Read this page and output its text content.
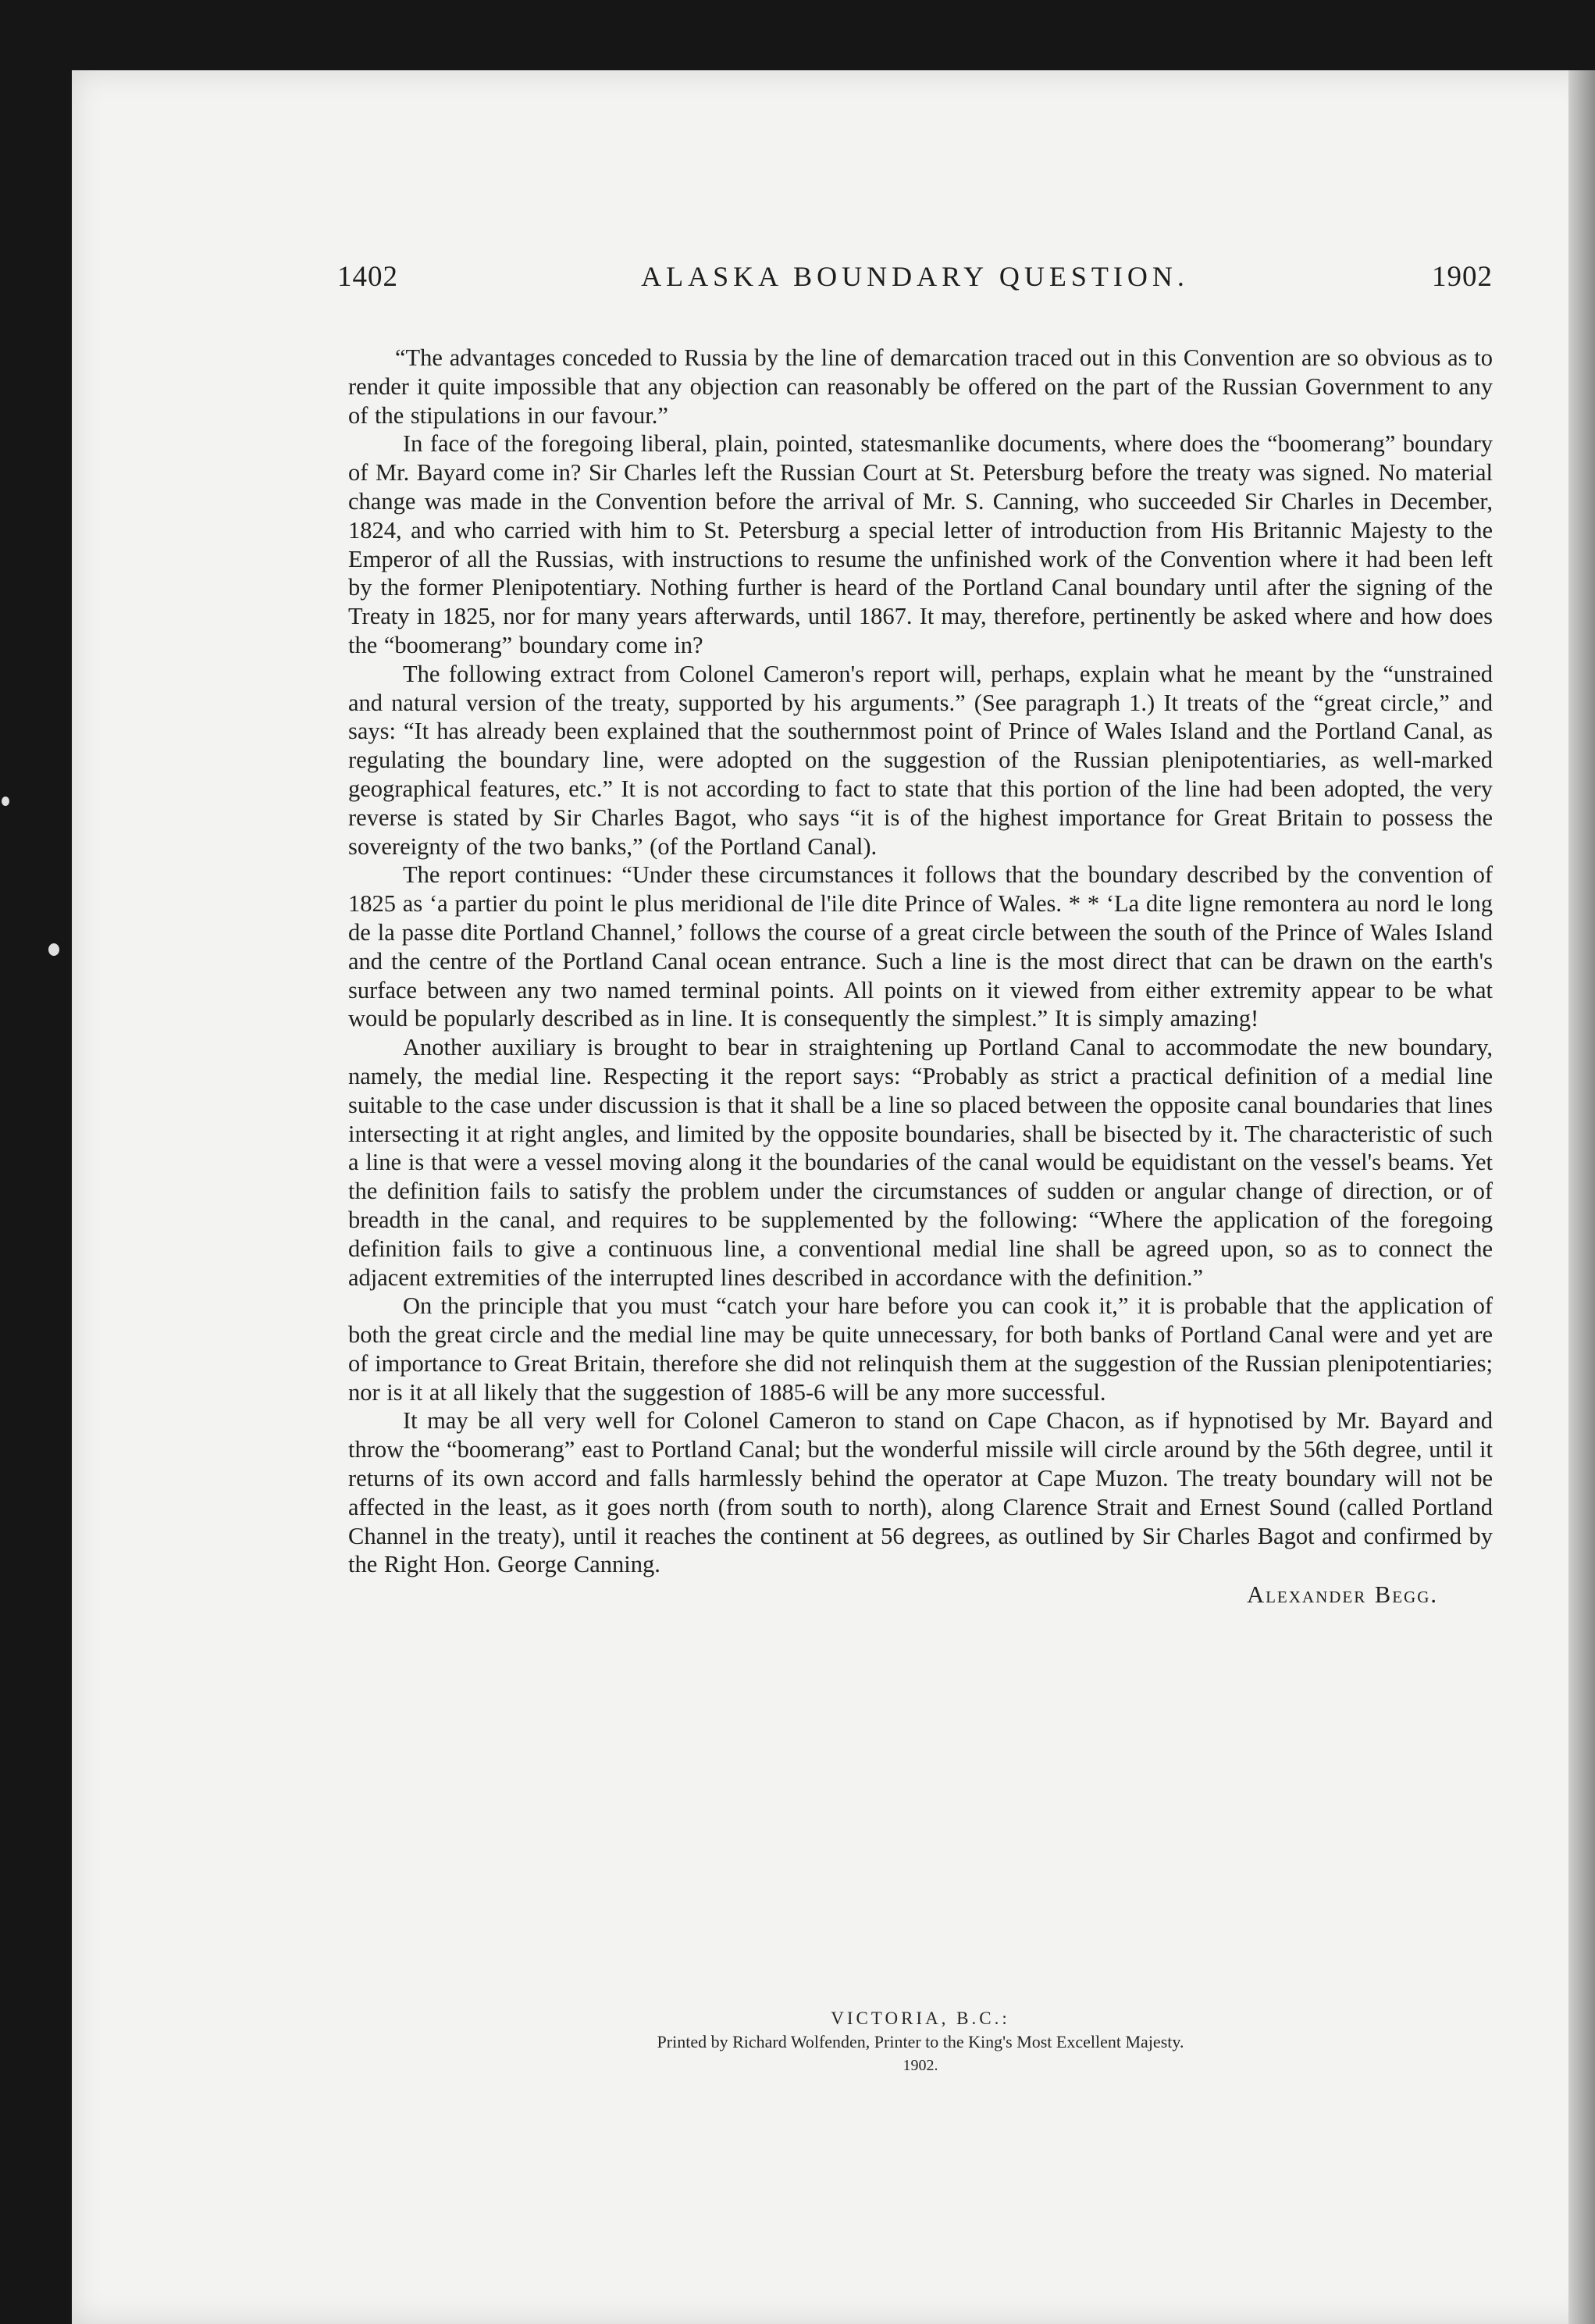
1402	ALASKA BOUNDARY QUESTION.	1902

“The advantages conceded to Russia by the line of demarcation traced out in this Convention are so obvious as to render it quite impossible that any objection can reasonably be offered on the part of the Russian Government to any of the stipulations in our favour.”

In face of the foregoing liberal, plain, pointed, statesmanlike documents, where does the “boomerang” boundary of Mr. Bayard come in? Sir Charles left the Russian Court at St. Petersburg before the treaty was signed. No material change was made in the Convention before the arrival of Mr. S. Canning, who succeeded Sir Charles in December, 1824, and who carried with him to St. Petersburg a special letter of introduction from His Britannic Majesty to the Emperor of all the Russias, with instructions to resume the unfinished work of the Convention where it had been left by the former Plenipotentiary. Nothing further is heard of the Portland Canal boundary until after the signing of the Treaty in 1825, nor for many years afterwards, until 1867. It may, therefore, pertinently be asked where and how does the “boomerang” boundary come in?

The following extract from Colonel Cameron's report will, perhaps, explain what he meant by the “unstrained and natural version of the treaty, supported by his arguments.” (See paragraph 1.) It treats of the “great circle,” and says: “It has already been explained that the southernmost point of Prince of Wales Island and the Portland Canal, as regulating the boundary line, were adopted on the suggestion of the Russian plenipotentiaries, as well-marked geographical features, etc.” It is not according to fact to state that this portion of the line had been adopted, the very reverse is stated by Sir Charles Bagot, who says “it is of the highest importance for Great Britain to possess the sovereignty of the two banks,” (of the Portland Canal).

The report continues: “Under these circumstances it follows that the boundary described by the convention of 1825 as ‘a partier du point le plus meridional de l'ile dite Prince of Wales. * * ‘La dite ligne remontera au nord le long de la passe dite Portland Channel,’ follows the course of a great circle between the south of the Prince of Wales Island and the centre of the Portland Canal ocean entrance. Such a line is the most direct that can be drawn on the earth's surface between any two named terminal points. All points on it viewed from either extremity appear to be what would be popularly described as in line. It is consequently the simplest.” It is simply amazing!

Another auxiliary is brought to bear in straightening up Portland Canal to accommodate the new boundary, namely, the medial line. Respecting it the report says: “Probably as strict a practical definition of a medial line suitable to the case under discussion is that it shall be a line so placed between the opposite canal boundaries that lines intersecting it at right angles, and limited by the opposite boundaries, shall be bisected by it. The characteristic of such a line is that were a vessel moving along it the boundaries of the canal would be equidistant on the vessel's beams. Yet the definition fails to satisfy the problem under the circumstances of sudden or angular change of direction, or of breadth in the canal, and requires to be supplemented by the following: “Where the application of the foregoing definition fails to give a continuous line, a conventional medial line shall be agreed upon, so as to connect the adjacent extremities of the interrupted lines described in accordance with the definition.”

On the principle that you must “catch your hare before you can cook it,” it is probable that the application of both the great circle and the medial line may be quite unnecessary, for both banks of Portland Canal were and yet are of importance to Great Britain, therefore she did not relinquish them at the suggestion of the Russian plenipotentiaries; nor is it at all likely that the suggestion of 1885-6 will be any more successful.

It may be all very well for Colonel Cameron to stand on Cape Chacon, as if hypnotised by Mr. Bayard and throw the “boomerang” east to Portland Canal; but the wonderful missile will circle around by the 56th degree, until it returns of its own accord and falls harmlessly behind the operator at Cape Muzon. The treaty boundary will not be affected in the least, as it goes north (from south to north), along Clarence Strait and Ernest Sound (called Portland Channel in the treaty), until it reaches the continent at 56 degrees, as outlined by Sir Charles Bagot and confirmed by the Right Hon. George Canning.

Alexander Begg.
VICTORIA, B.C.:
Printed by Richard Wolfenden, Printer to the King's Most Excellent Majesty.
1902.
